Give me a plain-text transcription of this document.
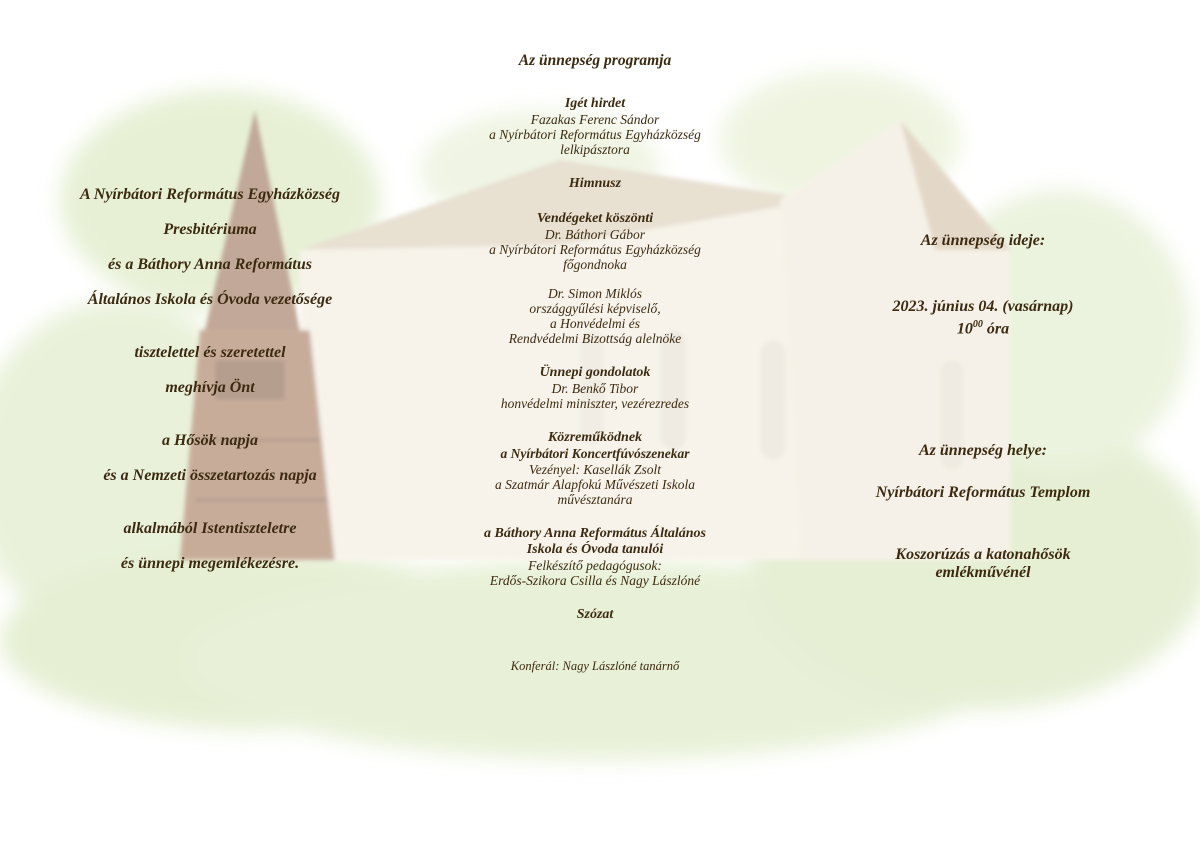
A Nyírbátori Református Egyházközség
Presbitériuma
és a Báthory Anna Református
Általános Iskola és Óvoda vezetősége
tisztelettel és szeretettel
meghívja Önt
a Hősök napja
és a Nemzeti összetartozás napja
alkalmából Istentiszteletre
és ünnepi megemlékezésre.
Az ünnepség programja
Igét hirdet
Fazakas Ferenc Sándor
a Nyírbátori Református Egyházközség
lelkipásztora
Himnusz
Vendégeket köszönti
Dr. Báthori Gábor
a Nyírbátori Református Egyházközség
főgondnoka
Dr. Simon Miklós
országgyűlési képviselő,
a Honvédelmi és
Rendvédelmi Bizottság alelnöke
Ünnepi gondolatok
Dr. Benkő Tibor
honvédelmi miniszter, vezérezredes
Közreműködnek
a Nyírbátori Koncertfúvószenekar
Vezényel: Kasellák Zsolt
a Szatmár Alapfokú Művészeti Iskola
művésztanára
a Báthory Anna Református Általános
Iskola és Óvoda tanulói
Felkészítő pedagógusok:
Erdős-Szikora Csilla és Nagy Lászlóné
Szózat
Konferál: Nagy Lászlóné tanárnő
Az ünnepség ideje:
2023. június 04. (vasárnap)
$10^{00}$ óra
Az ünnepség helye:
Nyírbátori Református Templom
Koszorúzás a katonahősök
emlékművénél
